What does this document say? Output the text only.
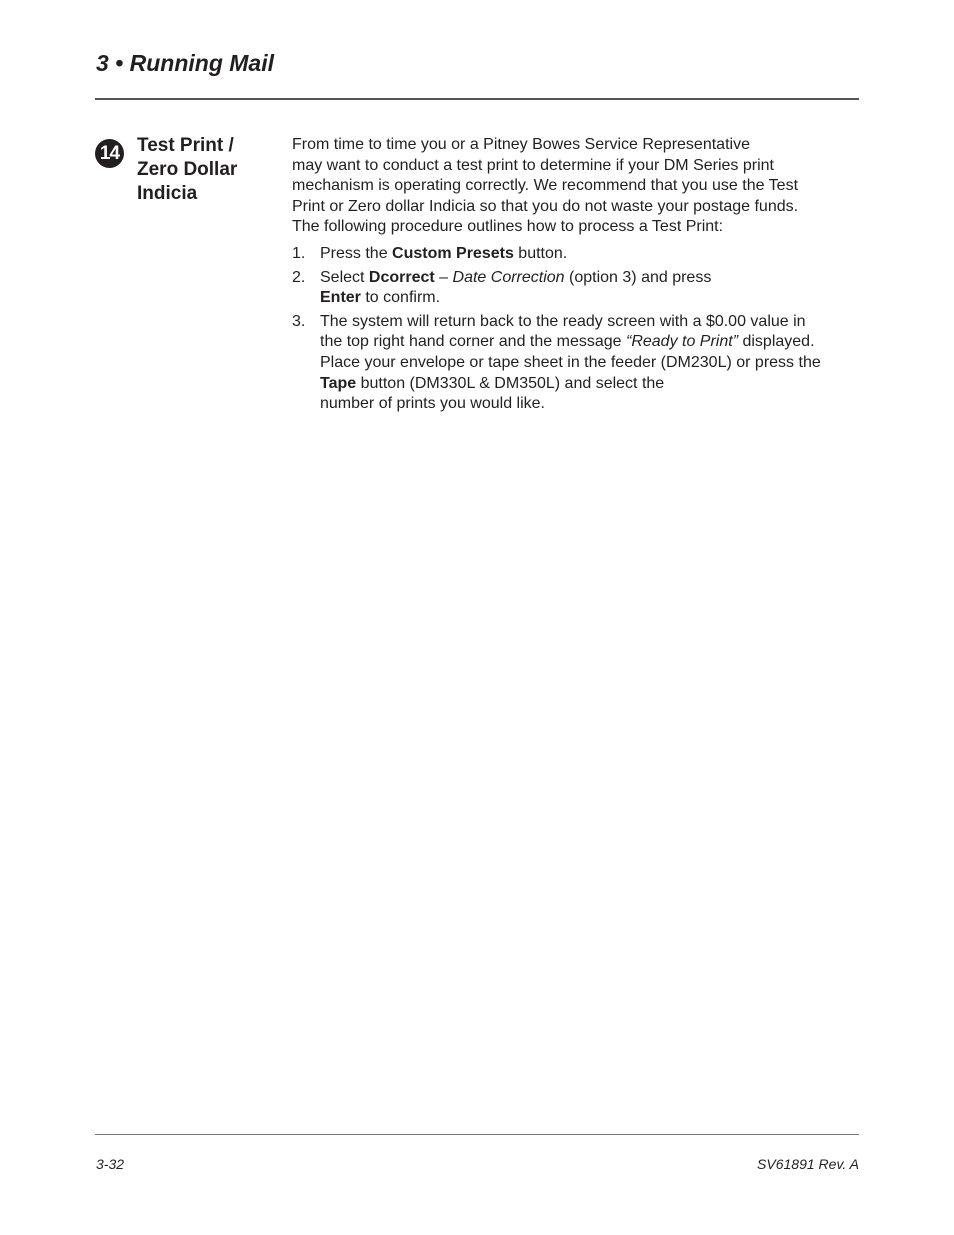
3 • Running Mail
14 Test Print /
Zero Dollar
Indicia

From time to time you or a Pitney Bowes Service Representative
may want to conduct a test print to determine if your DM Series print
mechanism is operating correctly. We recommend that you use the Test
Print or Zero dollar Indicia so that you do not waste your postage funds.
The following procedure outlines how to process a Test Print:

1. Press the Custom Presets button.
2. Select Dcorrect – Date Correction (option 3) and press
Enter to confirm.
3. The system will return back to the ready screen with a $0.00 value in
the top right hand corner and the message “Ready to Print” displayed.
Place your envelope or tape sheet in the feeder (DM230L) or press the
Tape button (DM330L & DM350L) and select the
number of prints you would like.
3-32	SV61891 Rev. A
